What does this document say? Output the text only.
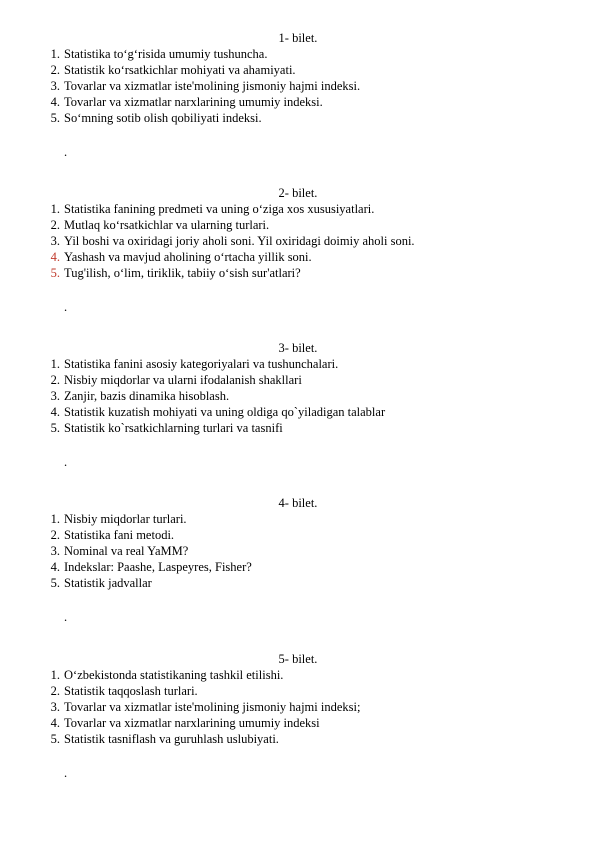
1- bilet.
1. Statistika to‘g‘risida umumiy tushuncha.
2. Statistik ko‘rsatkichlar mohiyati va ahamiyati.
3. Tovarlar va xizmatlar iste'molining jismoniy hajmi indeksi.
4. Tovarlar va xizmatlar narxlarining umumiy indeksi.
5. So‘mning sotib olish qobiliyati indeksi.
.
2- bilet.
1. Statistika fanining predmeti va uning o‘ziga xos xususiyatlari.
2. Mutlaq ko‘rsatkichlar va ularning turlari.
3. Yil boshi va oxiridagi joriy aholi soni. Yil oxiridagi doimiy aholi soni.
4. Yashash va mavjud aholining o‘rtacha yillik soni.
5. Tug'ilish, o‘lim, tiriklik, tabiiy o‘sish sur'atlari?
.
3- bilet.
1. Statistika fanini asosiy kategoriyalari va tushunchalari.
2. Nisbiy miqdorlar va ularni ifodalanish shakllari
3. Zanjir, bazis dinamika hisoblash.
4. Statistik kuzatish mohiyati va uning oldiga qo`yiladigan talablar
5. Statistik ko`rsatkichlarning turlari va tasnifi
.
4- bilet.
1. Nisbiy miqdorlar turlari.
2. Statistika fani metodi.
3. Nominal va real YaMM?
4. Indekslar: Paashe, Laspeyres, Fisher?
5. Statistik jadvallar
.
5- bilet.
1. O‘zbekistonda statistikaning tashkil etilishi.
2. Statistik taqqoslash turlari.
3. Tovarlar va xizmatlar iste'molining jismoniy hajmi indeksi;
4. Tovarlar va xizmatlar narxlarining umumiy indeksi
5. Statistik tasniflash va guruhlash uslubiyati.
.
